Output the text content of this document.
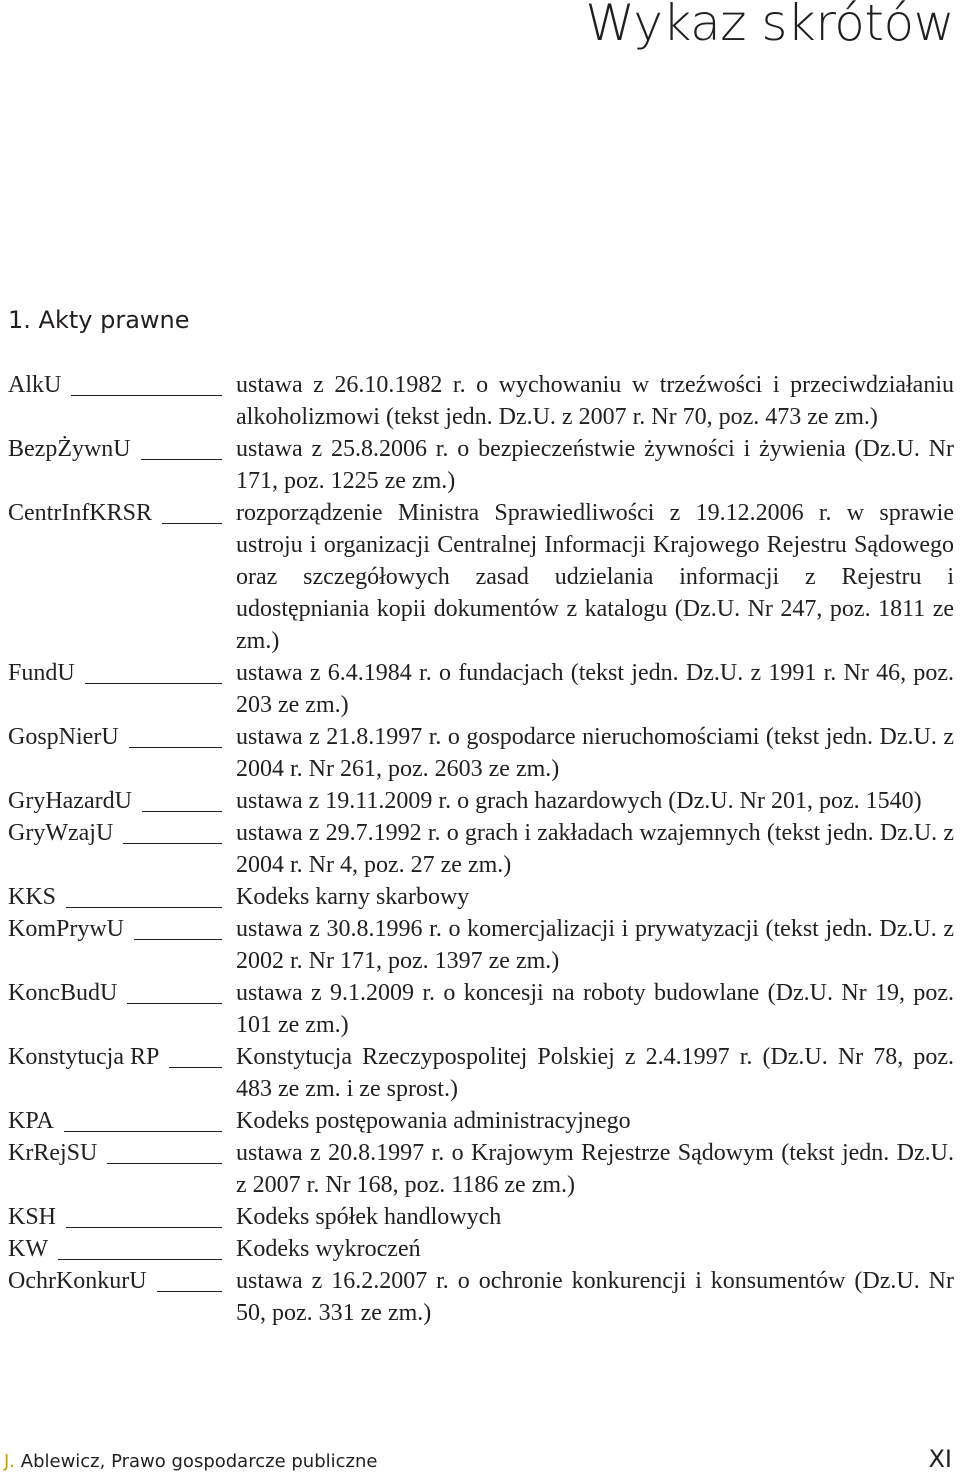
Wykaz skrótów
1. Akty prawne
AlkU	ustawa z 26.10.1982 r. o wychowaniu w trzeźwości i przeciwdziałaniu alkoholizmowi (tekst jedn. Dz.U. z 2007 r. Nr 70, poz. 473 ze zm.)
BezpŻywnU	ustawa z 25.8.2006 r. o bezpieczeństwie żywności i żywienia (Dz.U. Nr 171, poz. 1225 ze zm.)
CentrInfKRSR	rozporządzenie Ministra Sprawiedliwości z 19.12.2006 r. w sprawie ustroju i organizacji Centralnej Informacji Krajowego Rejestru Sądowego oraz szczegółowych zasad udzielania informacji z Rejestru i udostępniania kopii dokumentów z katalogu (Dz.U. Nr 247, poz. 1811 ze zm.)
FundU	ustawa z 6.4.1984 r. o fundacjach (tekst jedn. Dz.U. z 1991 r. Nr 46, poz. 203 ze zm.)
GospNierU	ustawa z 21.8.1997 r. o gospodarce nieruchomościami (tekst jedn. Dz.U. z 2004 r. Nr 261, poz. 2603 ze zm.)
GryHazardU	ustawa z 19.11.2009 r. o grach hazardowych (Dz.U. Nr 201, poz. 1540)
GryWzajU	ustawa z 29.7.1992 r. o grach i zakładach wzajemnych (tekst jedn. Dz.U. z 2004 r. Nr 4, poz. 27 ze zm.)
KKS	Kodeks karny skarbowy
KomPrywU	ustawa z 30.8.1996 r. o komercjalizacji i prywatyzacji (tekst jedn. Dz.U. z 2002 r. Nr 171, poz. 1397 ze zm.)
KoncBudU	ustawa z 9.1.2009 r. o koncesji na roboty budowlane (Dz.U. Nr 19, poz. 101 ze zm.)
Konstytucja RP	Konstytucja Rzeczypospolitej Polskiej z 2.4.1997 r. (Dz.U. Nr 78, poz. 483 ze zm. i ze sprost.)
KPA	Kodeks postępowania administracyjnego
KrRejSU	ustawa z 20.8.1997 r. o Krajowym Rejestrze Sądowym (tekst jedn. Dz.U. z 2007 r. Nr 168, poz. 1186 ze zm.)
KSH	Kodeks spółek handlowych
KW	Kodeks wykroczeń
OchrKonkurU	ustawa z 16.2.2007 r. o ochronie konkurencji i konsumentów (Dz.U. Nr 50, poz. 331 ze zm.)
J. Ablewicz, Prawo gospodarcze publiczne	XI
